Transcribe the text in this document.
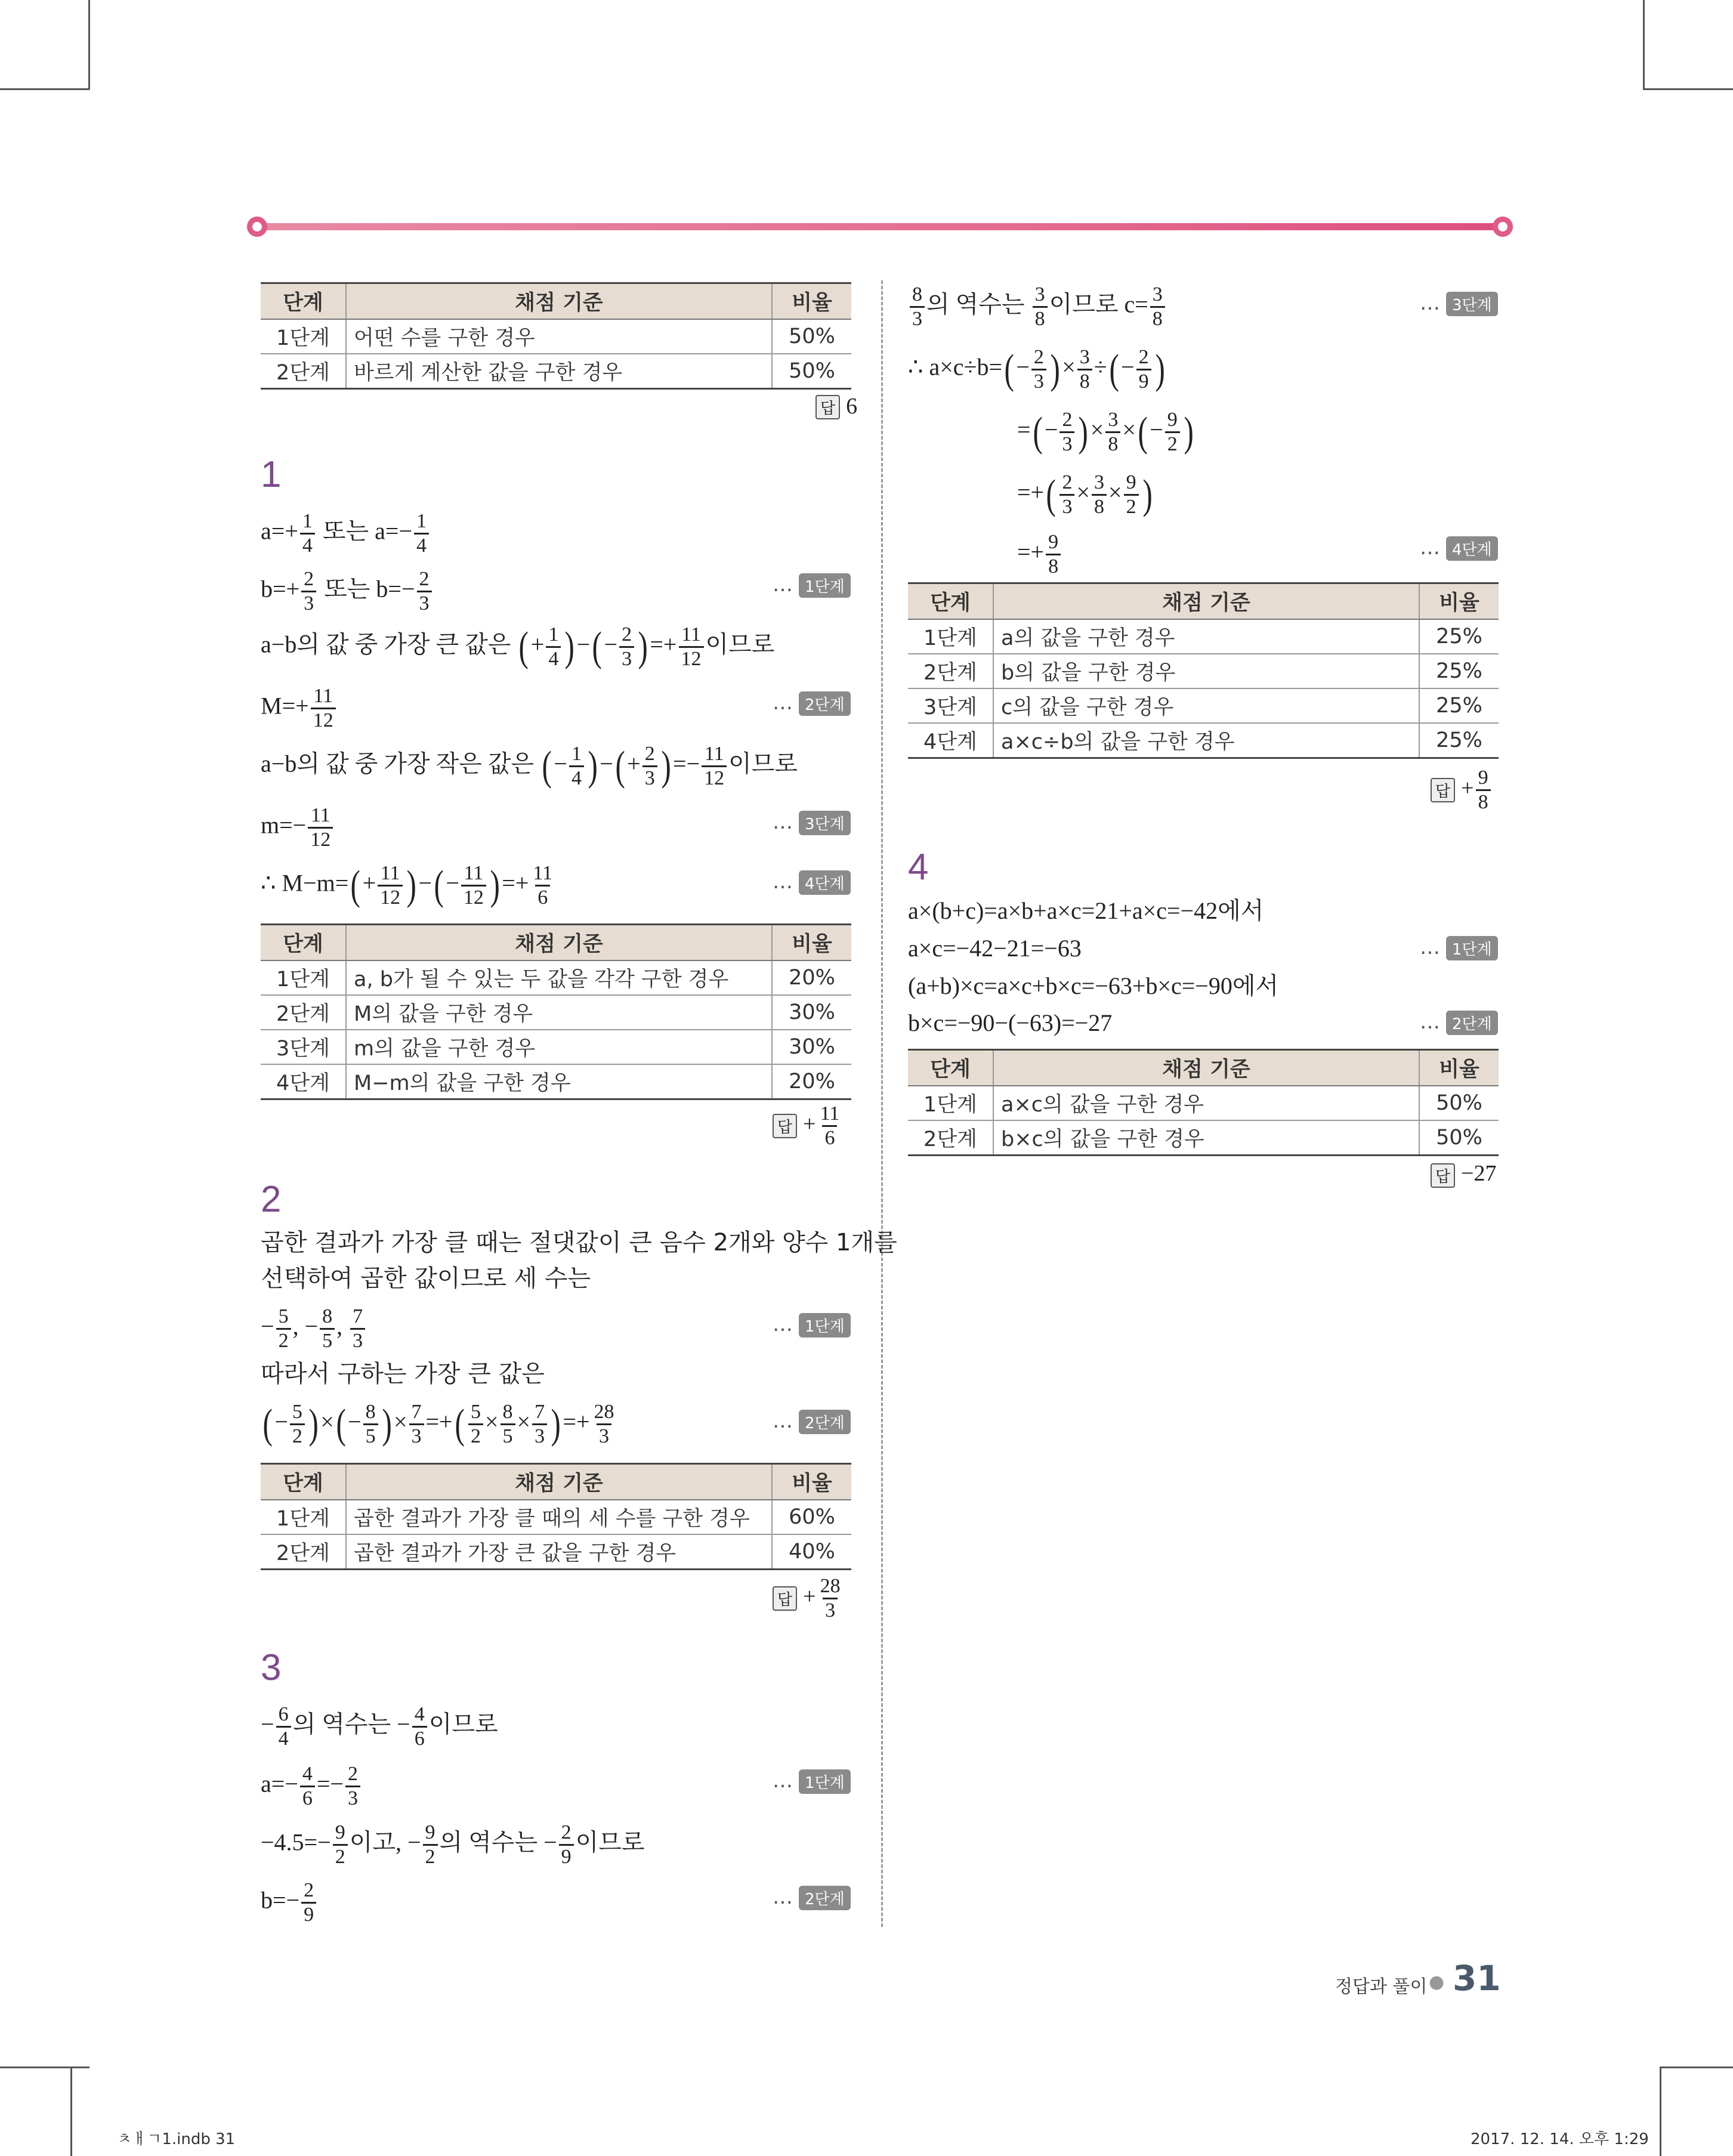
단계	채점 기준	비율
1단계	어떤 수를 구한 경우	50%
2단계	바르게 계산한 값을 구한 경우	50%
답 6
1
$a=+ \frac{1}{4}$ 또는 $a=- \frac{1}{4}$
$b=+ \frac{2}{3}$ 또는 $b=- \frac{2}{3}$	… 1단계
a−b의 값 중 가장 큰 값은 (+ $\frac{1}{4}$ )−(− $\frac{2}{3}$ )=+ $\frac{11}{12}$ 이므로
$M=+ \frac{11}{12}$	… 2단계
a−b의 값 중 가장 작은 값은 (− $\frac{1}{4}$ )−(+ $\frac{2}{3}$ )=− $\frac{11}{12}$ 이므로
$m=- \frac{11}{12}$	… 3단계
∴ $M-m=(+ \frac{11}{12}$ )−(− $\frac{11}{12}$ )=+ $\frac{11}{6}$	… 4단계
단계	채점 기준	비율
1단계	a, b가 될 수 있는 두 값을 각각 구한 경우	20%
2단계	M의 값을 구한 경우	30%
3단계	m의 값을 구한 경우	30%
4단계	M−m의 값을 구한 경우	20%
답 + $\frac{11}{6}$
2
곱한 결과가 가장 클 때는 절댓값이 큰 음수 2개와 양수 1개를
선택하여 곱한 값이므로 세 수는
− $\frac{5}{2}$ , − $\frac{8}{5}$ , $\frac{7}{3}$	… 1단계
따라서 구하는 가장 큰 값은
(− $\frac{5}{2}$ )×(− $\frac{8}{5}$ )× $\frac{7}{3}$ =+( $\frac{5}{2} \times \frac{8}{5} \times \frac{7}{3}$ )=+ $\frac{28}{3}$	… 2단계
단계	채점 기준	비율
1단계	곱한 결과가 가장 클 때의 세 수를 구한 경우	60%
2단계	곱한 결과가 가장 큰 값을 구한 경우	40%
답 + $\frac{28}{3}$
3
− $\frac{6}{4}$ 의 역수는 − $\frac{4}{6}$ 이므로
$a=- \frac{4}{6} =- \frac{2}{3}$	… 1단계
$-4.5=- \frac{9}{2}$ 이고, − $\frac{9}{2}$ 의 역수는 − $\frac{2}{9}$ 이므로
$b=- \frac{2}{9}$	… 2단계
$\frac{8}{3}$ 의 역수는 $\frac{3}{8}$ 이므로 $c= \frac{3}{8}$	… 3단계
∴ $a\times c\div b=(- \frac{2}{3}$ )× $\frac{3}{8}$ ÷(− $\frac{2}{9}$ )
=(− $\frac{2}{3}$ )× $\frac{3}{8}$ ×(− $\frac{9}{2}$ )
=+( $\frac{2}{3} \times \frac{3}{8} \times \frac{9}{2}$ )
=+ $\frac{9}{8}$	… 4단계
단계	채점 기준	비율
1단계	a의 값을 구한 경우	25%
2단계	b의 값을 구한 경우	25%
3단계	c의 값을 구한 경우	25%
4단계	a×c÷b의 값을 구한 경우	25%
답 + $\frac{9}{8}$
4
a×(b+c)=a×b+a×c=21+a×c=−42에서
a×c=−42−21=−63	… 1단계
(a+b)×c=a×c+b×c=−63+b×c=−90에서
b×c=−90−(−63)=−27	… 2단계
단계	채점 기준	비율
1단계	a×c의 값을 구한 경우	50%
2단계	b×c의 값을 구한 경우	50%
답 −27
정답과 풀이 ● 31
ㅊㅐㄱ1.indb 31	2017. 12. 14. 오후 1:29
